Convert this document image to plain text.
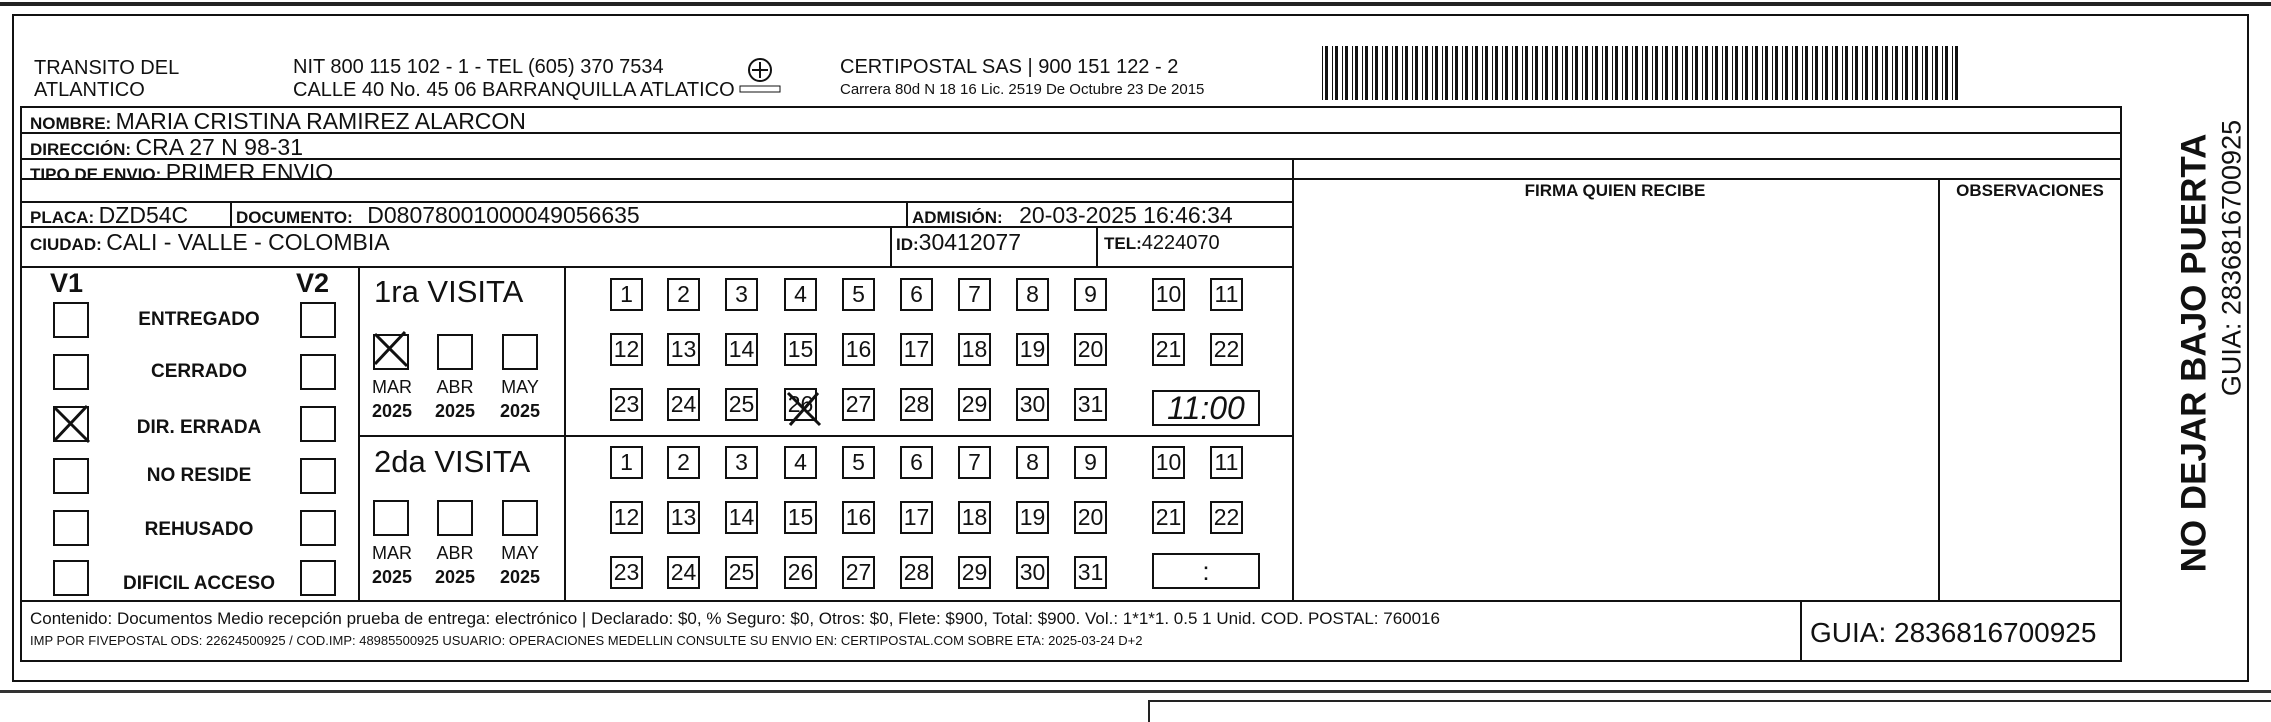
TRANSITO DEL
ATLANTICO
NIT 800 115 102 - 1 - TEL (605) 370 7534
CALLE 40 No. 45 06 BARRANQUILLA ATLATICO
CERTIPOSTAL SAS | 900 151 122 - 2
Carrera 80d N 18 16 Lic. 2519 De Octubre 23 De 2015
NOMBRE: MARIA CRISTINA RAMIREZ ALARCON
DIRECCIÓN: CRA 27 N 98-31
TIPO DE ENVIO: PRIMER ENVIO
FIRMA QUIEN RECIBE	OBSERVACIONES
PLACA: DZD54C	DOCUMENTO: D08078001000049056635	ADMISIÓN: 20-03-2025 16:46:34
CIUDAD: CALI - VALLE - COLOMBIA	ID:30412077	TEL:4224070
V1	V2
ENTREGADO
CERRADO
DIR. ERRADA
NO RESIDE
REHUSADO
DIFICIL ACCESO
1ra VISITA
MAR ABR MAY
2025	2025	2025
1	2	3	4	5	6	7	8	9	10 11
12 13 14 15 16 17 18 19 20 21 22
23 24 25 26 27 28 29 30 31	11:00
2da VISITA
MAR ABR MAY
2025	2025	2025
1	2	3	4	5	6	7	8	9	10 11
12 13 14 15 16 17 18 19 20 21 22
23 24 25 26 27 28 29 30 31	:
Contenido: Documentos Medio recepción prueba de entrega: electrónico | Declarado: $0, % Seguro: $0, Otros: $0, Flete: $900, Total: $900. Vol.: 1*1*1. 0.5 1 Unid. COD. POSTAL: 760016
IMP POR FIVEPOSTAL ODS: 22624500925 / COD.IMP: 48985500925 USUARIO: OPERACIONES MEDELLIN CONSULTE SU ENVIO EN: CERTIPOSTAL.COM SOBRE ETA: 2025-03-24 D+2	GUIA: 2836816700925
NO DEJAR BAJO PUERTA GUIA: 2836816700925
